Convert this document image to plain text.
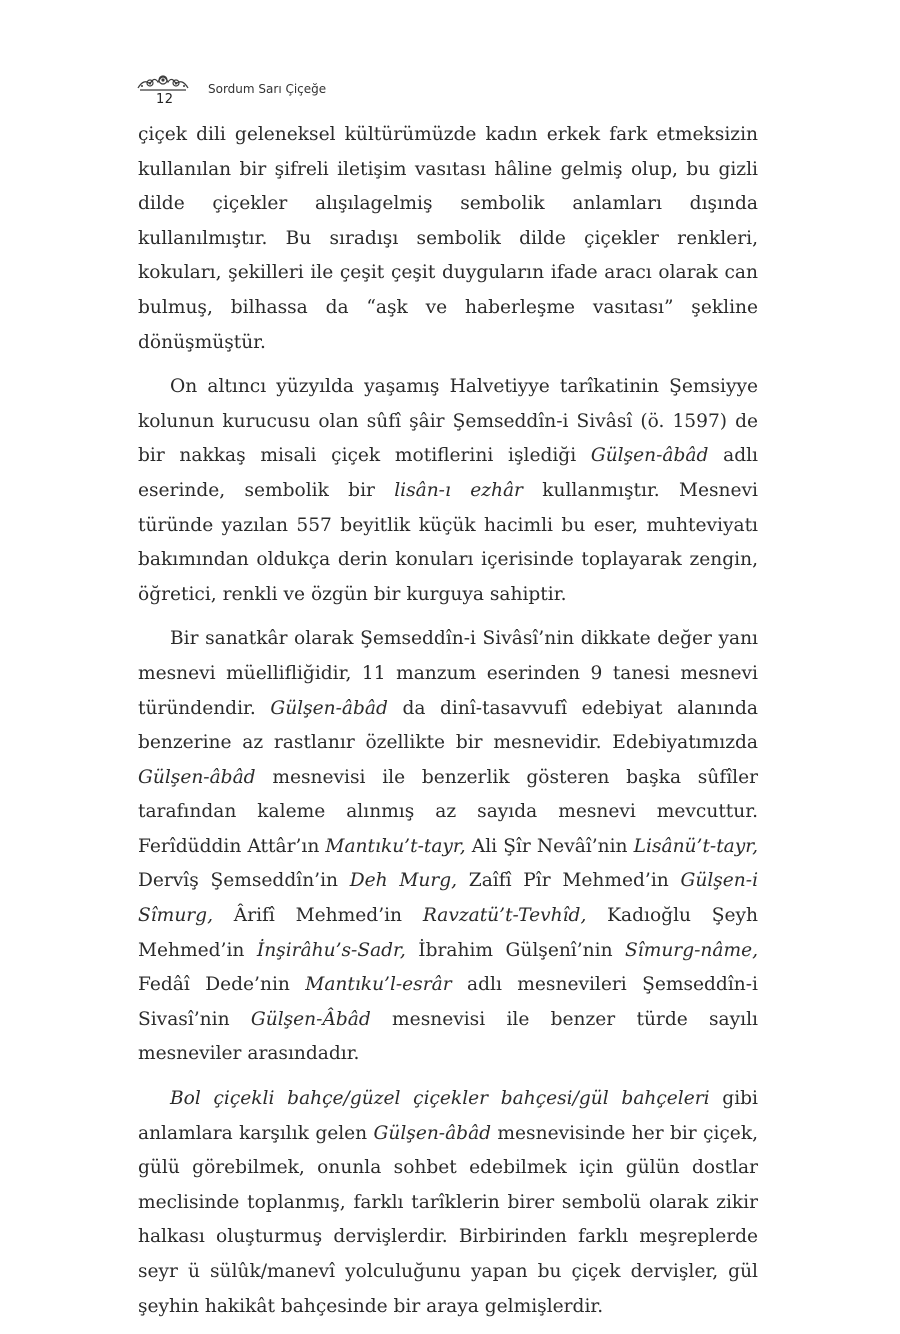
12
Sordum Sarı Çiçeğe

çiçek dili geleneksel kültürümüzde kadın erkek fark etmeksizin kullanılan bir şifreli iletişim vasıtası hâline gelmiş olup, bu gizli dilde çiçekler alışılagelmiş sembolik anlamları dışında kullanılmıştır. Bu sıradışı sembolik dilde çiçekler renkleri, kokuları, şekilleri ile çeşit çeşit duyguların ifade aracı olarak can bulmuş, bilhassa da “aşk ve haberleşme vasıtası” şekline dönüşmüştür.

On altıncı yüzyılda yaşamış Halvetiyye tarîkatinin Şemsiyye kolunun kurucusu olan sûfî şâir Şemseddîn-i Sivâsî (ö. 1597) de bir nakkaş misali çiçek motiflerini işlediği Gülşen-âbâd adlı eserinde, sembolik bir lisân-ı ezhâr kullanmıştır. Mesnevi türünde yazılan 557 beyitlik küçük hacimli bu eser, muhteviyatı bakımından oldukça derin konuları içerisinde toplayarak zengin, öğretici, renkli ve özgün bir kurguya sahiptir.

Bir sanatkâr olarak Şemseddîn-i Sivâsî’nin dikkate değer yanı mesnevi müellifliğidir, 11 manzum eserinden 9 tanesi mesnevi türündendir. Gülşen-âbâd da dinî-tasavvufî edebiyat alanında benzerine az rastlanır özellikte bir mesnevidir. Edebiyatımızda Gülşen-âbâd mesnevisi ile benzerlik gösteren başka sûfîler tarafından kaleme alınmış az sayıda mesnevi mevcuttur. Ferîdüddin Attâr’ın Mantıku’t-tayr, Ali Şîr Nevâî’nin Lisânü’t-tayr, Dervîş Şemseddîn’in Deh Murg, Zaîfî Pîr Mehmed’in Gülşen-i Sîmurg, Ârifî Mehmed’in Ravzatü’t-Tevhîd, Kadıoğlu Şeyh Mehmed’in İnşirâhu’s-Sadr, İbrahim Gülşenî’nin Sîmurg-nâme, Fedâî Dede’nin Mantıku’l-esrâr adlı mesnevileri Şemseddîn-i Sivasî’nin Gülşen-Âbâd mesnevisi ile benzer türde sayılı mesneviler arasındadır.

Bol çiçekli bahçe/güzel çiçekler bahçesi/gül bahçeleri gibi anlamlara karşılık gelen Gülşen-âbâd mesnevisinde her bir çiçek, gülü görebilmek, onunla sohbet edebilmek için gülün dostlar meclisinde toplanmış, farklı tarîklerin birer sembolü olarak zikir halkası oluşturmuş dervişlerdir. Birbirinden farklı meşreplerde seyr ü sülûk/manevî yolculuğunu yapan bu çiçek dervişler, gül şeyhin hakikât bahçesinde bir araya gelmişlerdir.
